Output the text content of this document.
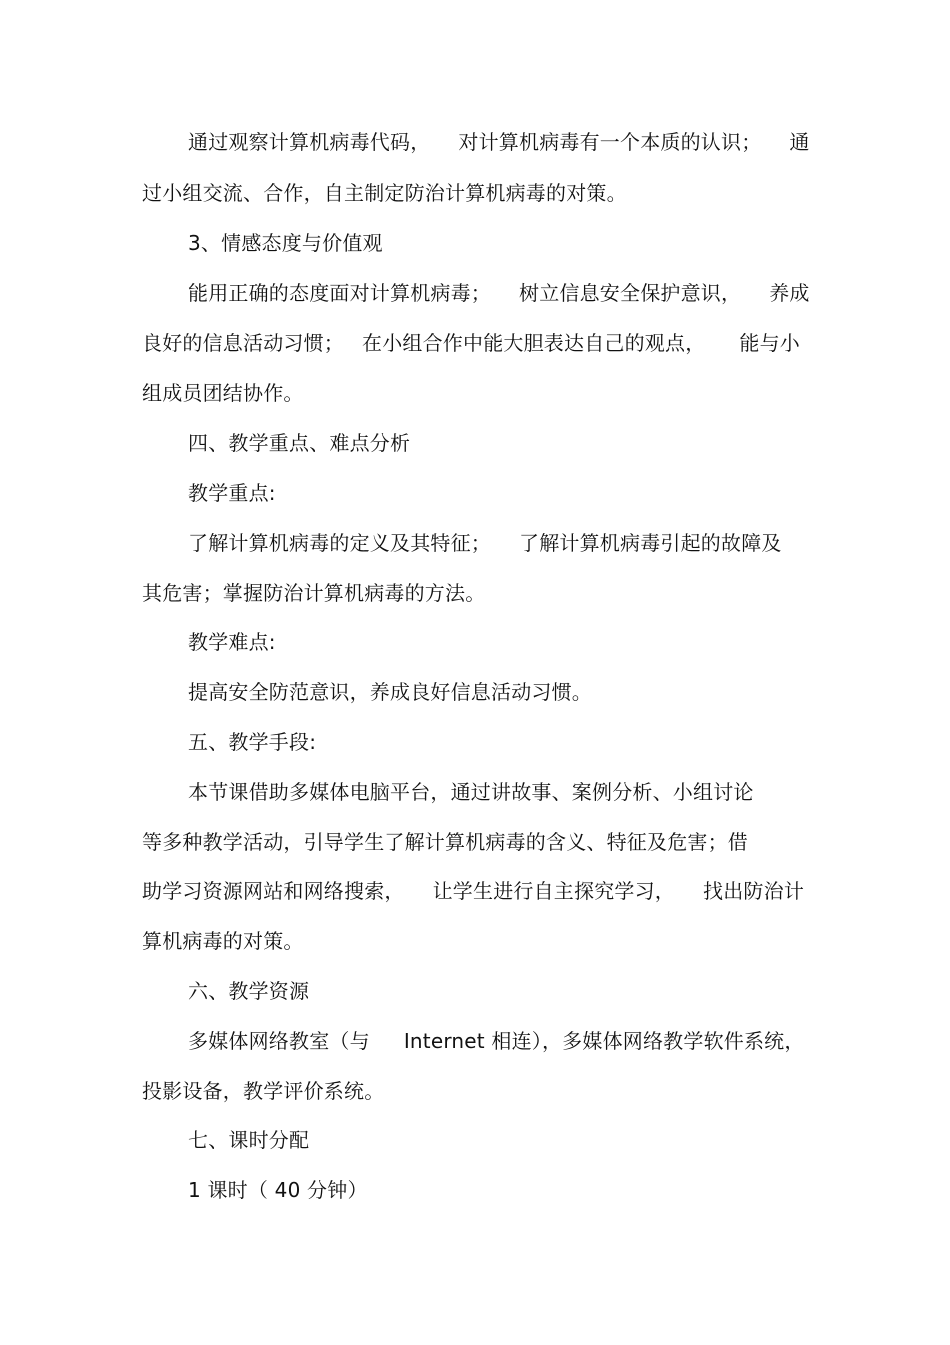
通过观察计算机病毒代码， 对计算机病毒有一个本质的认识； 通
过小组交流、合作，自主制定防治计算机病毒的对策。
3、情感态度与价值观
能用正确的态度面对计算机病毒； 树立信息安全保护意识， 养成
良好的信息活动习惯； 在小组合作中能大胆表达自己的观点， 能与小
组成员团结协作。
四、教学重点、难点分析
教学重点:
了解计算机病毒的定义及其特征； 了解计算机病毒引起的故障及
其危害；掌握防治计算机病毒的方法。
教学难点:
提高安全防范意识，养成良好信息活动习惯。
五、教学手段:
本节课借助多媒体电脑平台，通过讲故事、案例分析、小组讨论
等多种教学活动，引导学生了解计算机病毒的含义、特征及危害；借
助学习资源网站和网络搜索， 让学生进行自主探究学习， 找出防治计
算机病毒的对策。
六、教学资源
多媒体网络教室（与 Internet 相连），多媒体网络教学软件系统，
投影设备，教学评价系统。
七、课时分配
1 课时（ 40 分钟）
